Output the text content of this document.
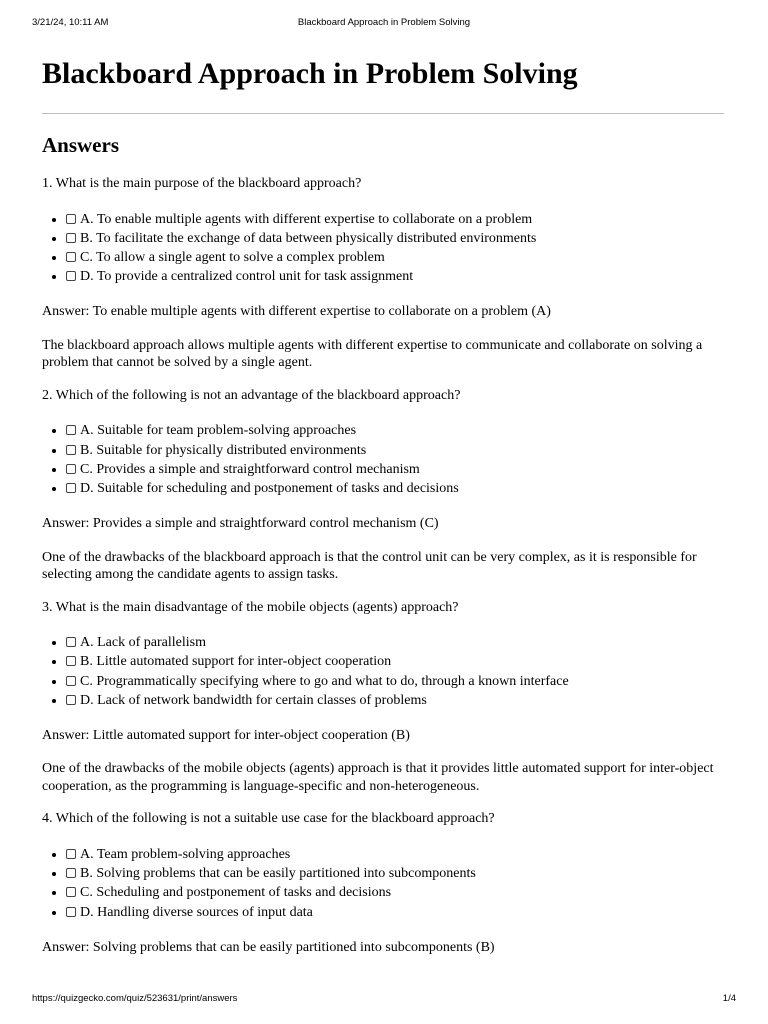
3/21/24, 10:11 AM	Blackboard Approach in Problem Solving
Blackboard Approach in Problem Solving
Answers

1. What is the main purpose of the blackboard approach?

• A. To enable multiple agents with different expertise to collaborate on a problem
• B. To facilitate the exchange of data between physically distributed environments
• C. To allow a single agent to solve a complex problem
• D. To provide a centralized control unit for task assignment

Answer: To enable multiple agents with different expertise to collaborate on a problem (A)

The blackboard approach allows multiple agents with different expertise to communicate and collaborate on solving a problem that cannot be solved by a single agent.

2. Which of the following is not an advantage of the blackboard approach?

• A. Suitable for team problem-solving approaches
• B. Suitable for physically distributed environments
• C. Provides a simple and straightforward control mechanism
• D. Suitable for scheduling and postponement of tasks and decisions

Answer: Provides a simple and straightforward control mechanism (C)

One of the drawbacks of the blackboard approach is that the control unit can be very complex, as it is responsible for selecting among the candidate agents to assign tasks.

3. What is the main disadvantage of the mobile objects (agents) approach?

• A. Lack of parallelism
• B. Little automated support for inter-object cooperation
• C. Programmatically specifying where to go and what to do, through a known interface
• D. Lack of network bandwidth for certain classes of problems

Answer: Little automated support for inter-object cooperation (B)

One of the drawbacks of the mobile objects (agents) approach is that it provides little automated support for inter-object cooperation, as the programming is language-specific and non-heterogeneous.

4. Which of the following is not a suitable use case for the blackboard approach?

• A. Team problem-solving approaches
• B. Solving problems that can be easily partitioned into subcomponents
• C. Scheduling and postponement of tasks and decisions
• D. Handling diverse sources of input data

Answer: Solving problems that can be easily partitioned into subcomponents (B)

https://quizgecko.com/quiz/523631/print/answers	1/4
